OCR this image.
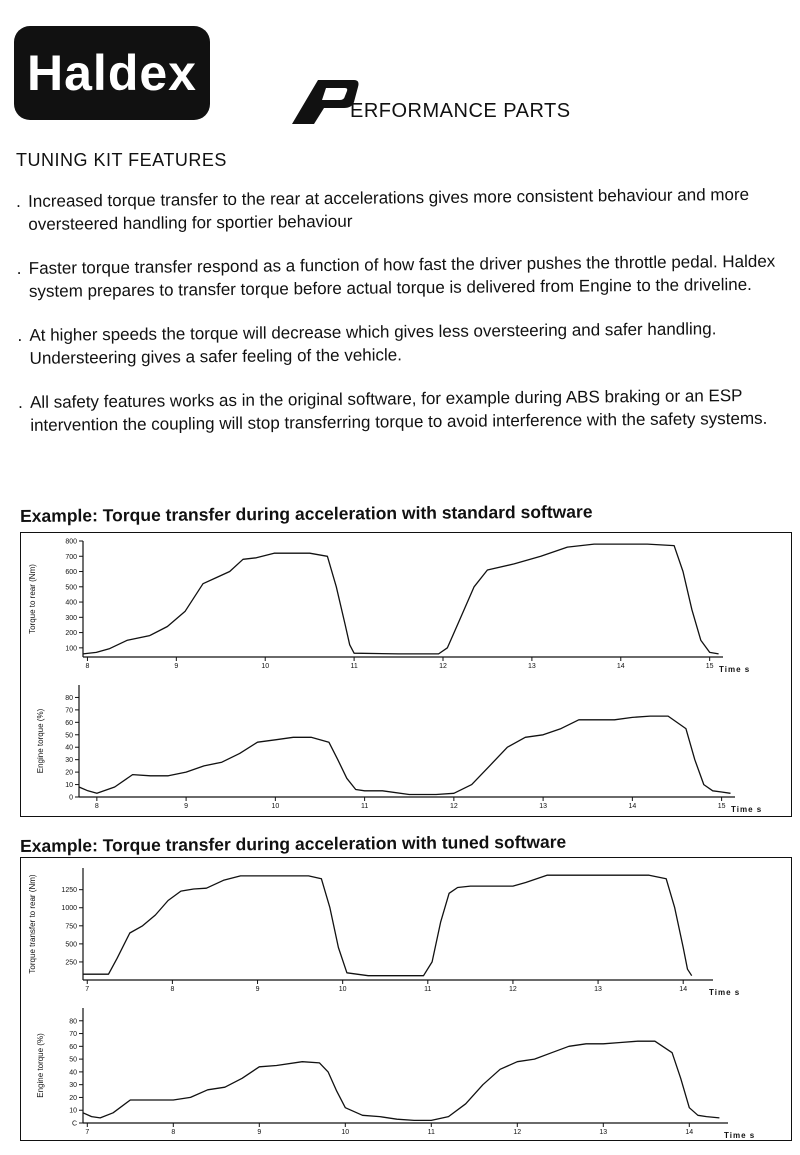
Haldex
ERFORMANCE PARTS
TUNING KIT FEATURES
. Increased torque transfer to the rear at accelerations gives more consistent behaviour and more oversteered handling for sportier behaviour
. Faster torque transfer respond as a function of how fast the driver pushes the throttle pedal. Haldex system prepares to transfer torque before actual torque is delivered from Engine to the driveline.
. At higher speeds the torque will decrease which gives less oversteering and safer handling. Understeering gives a safer feeling of the vehicle.
. All safety features works as in the original software, for example during ABS braking or an ESP intervention the coupling will stop transferring torque to avoid interference with the safety systems.
Example: Torque transfer during acceleration with standard software
100
200
300
400
500
600
700
800
8	9	10	11	12	13	14	15 Time s
Torque to rear (Nm)
0
10
20
30
40
50
60
70
80
8	9	10	11	12	13	14	15 Time s
Engine torque (%)
Example: Torque transfer during acceleration with tuned software
250
500
750
1000
1250
7	8	9	10	11	12	13	14	Time s
Torque transfer to rear (Nm)
C
10
20
30
40
50
60
70
80
7	8	9	10	11	12	13	14	Time s
Engine torque (%)
